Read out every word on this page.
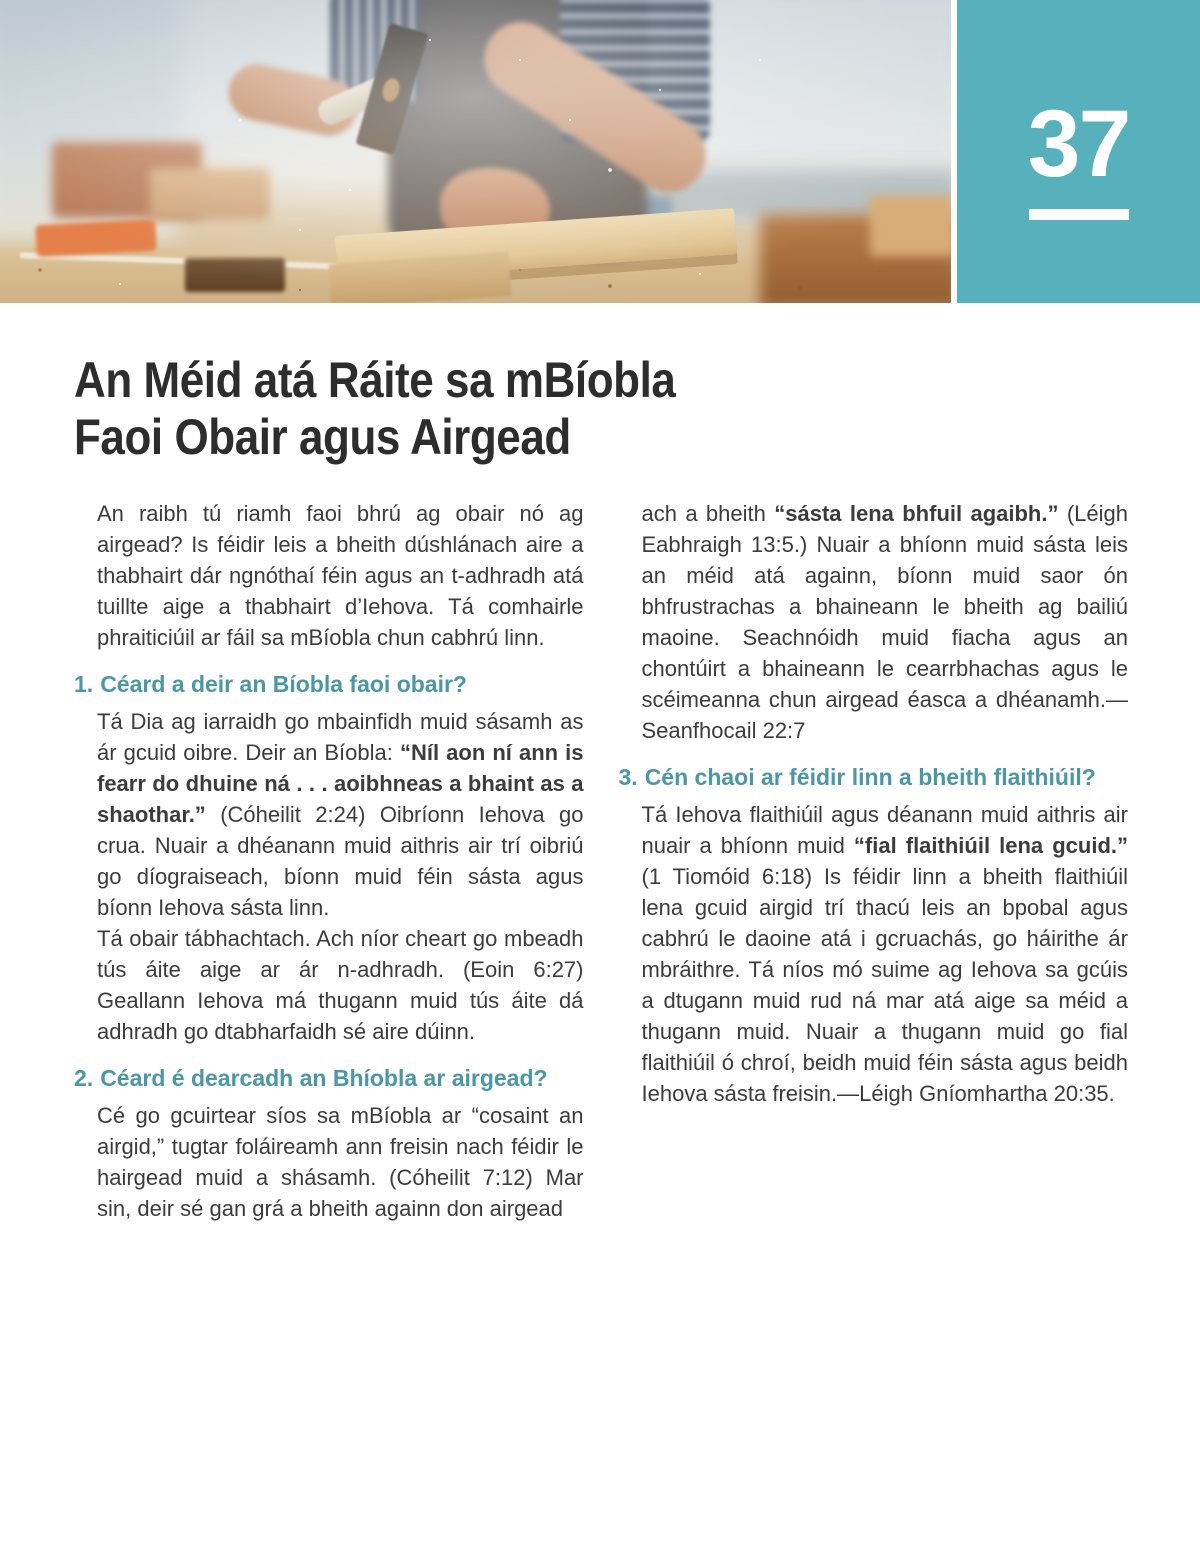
37
An Méid atá Ráite sa mBíobla
Faoi Obair agus Airgead

An raibh tú riamh faoi bhrú ag obair nó ag airgead? Is féidir leis a bheith dúshlánach aire a thabhairt dár ngnóthaí féin agus an t-adhradh atá tuillte aige a thabhairt d’Iehova. Tá comhairle phraiticiúil ar fáil sa mBíobla chun cabhrú linn.

1. Céard a deir an Bíobla faoi obair?

Tá Dia ag iarraidh go mbainfidh muid sásamh as ár gcuid oibre. Deir an Bíobla: “Níl aon ní ann is fearr do dhuine ná . . . aoibhneas a bhaint as a shaothar.” (Cóheilit 2:24) Oibríonn Iehova go crua. Nuair a dhéanann muid aithris air trí oibriú go díograiseach, bíonn muid féin sásta agus bíonn Iehova sásta linn.

Tá obair tábhachtach. Ach níor cheart go mbeadh tús áite aige ar ár n-adhradh. (Eoin 6:27) Geallann Iehova má thugann muid tús áite dá adhradh go dtabharfaidh sé aire dúinn.

2. Céard é dearcadh an Bhíobla ar airgead?

Cé go gcuirtear síos sa mBíobla ar “cosaint an airgid,” tugtar foláireamh ann freisin nach féidir le hairgead muid a shásamh. (Cóheilit 7:12) Mar sin, deir sé gan grá a bheith againn don airgead

ach a bheith “sásta lena bhfuil agaibh.” (Léigh Eabhraigh 13:5.) Nuair a bhíonn muid sásta leis an méid atá againn, bíonn muid saor ón bhfrustrachas a bhaineann le bheith ag bailiú maoine. Seachnóidh muid fiacha agus an chontúirt a bhaineann le cearrbhachas agus le scéimeanna chun airgead éasca a dhéanamh.—Seanfhocail 22:7

3. Cén chaoi ar féidir linn a bheith flaithiúil?

Tá Iehova flaithiúil agus déanann muid aithris air nuair a bhíonn muid “fial flaithiúil lena gcuid.” (1 Tiomóid 6:18) Is féidir linn a bheith flaithiúil lena gcuid airgid trí thacú leis an bpobal agus cabhrú le daoine atá i gcruachás, go háirithe ár mbráithre. Tá níos mó suime ag Iehova sa gcúis a dtugann muid rud ná mar atá aige sa méid a thugann muid. Nuair a thugann muid go fial flaithiúil ó chroí, beidh muid féin sásta agus beidh Iehova sásta freisin.—Léigh Gníomhartha 20:35.
